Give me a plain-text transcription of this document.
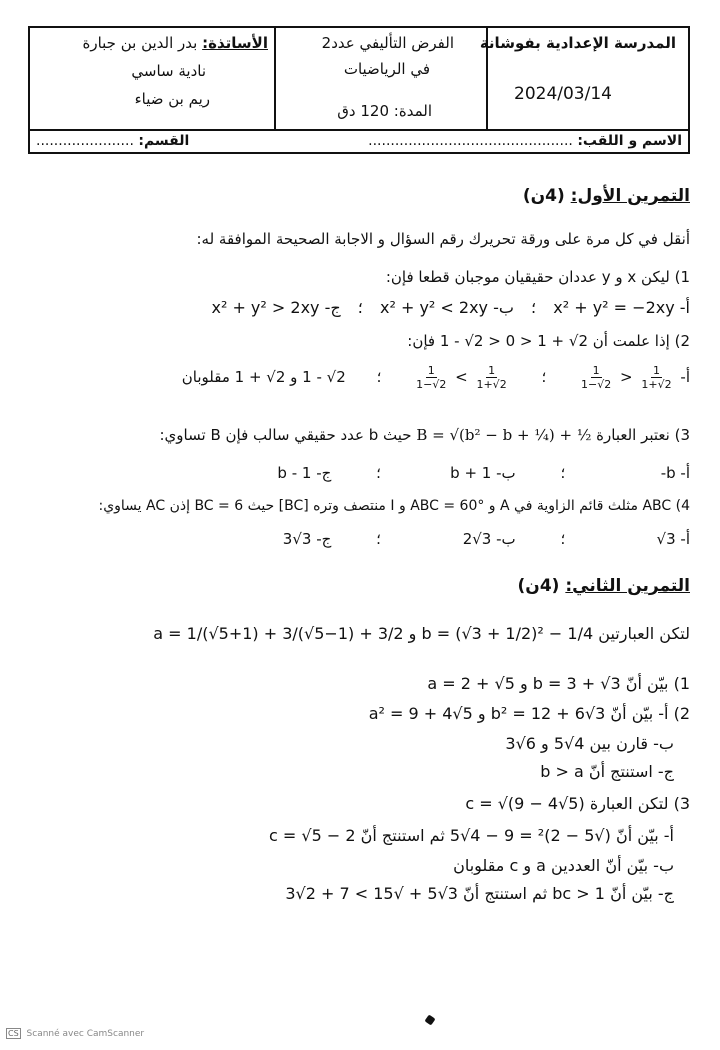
المدرسة الإعدادية بفوشانة
2024/03/14
الفرض التأليفي عدد2
في الرياضيات
المدة: 120 دق
الأساتذة: بدر الدين بن جبارة
نادية ساسي
ريم بن ضياء
الاسم و اللقب: ..............................................
القسم: ......................
التمرين الأول: (4ن)
أنقل في كل مرة على ورقة تحريرك رقم السؤال و الاجابة الصحيحة الموافقة له:
1) ليكن x و y عددان حقيقيان موجبان قطعا فإن:
أ- x² + y² = −2xy ؛ ب- x² + y² < 2xy ؛ ج- x² + y² > 2xy
2) إذا علمت أن 2√ + 1 < 0 < 2√ - 1 فإن:
أ-
$\frac{1}{1-√2} > \frac{1}{1+√2}$
؛
$\frac{1}{1-√2} < \frac{1}{1+√2}$
؛ 2√ - 1 و 2√ + 1 مقلوبان
3) نعتبر العبارة B = √(b² − b + ¼) + ½ حيث b عدد حقيقي سالب فإن B تساوي:
أ- b- ؛ ب- b + 1 ؛ ج- b - 1
4) ABC مثلث قائم الزاوية في A و ABC = 60° و I منتصف وتره [BC] حيث BC = 6 إذن AC يساوي:
أ- 3√ ؛ ب- 3√2 ؛ ج- 3√3
التمرين الثاني: (4ن)
لتكن العبارتين b = (√3 + 1/2)² − 1/4 و a = 1/(√5+1) + 3/(√5−1) + 3/2
1) بيّن أنّ b = 3 + √3 و a = 2 + √5
2) أ- بيّن أنّ b² = 12 + 6√3 و a² = 9 + 4√5
ب- قارن بين 4√5 و 6√3
ج- استنتج أنّ b > a
3) لتكن العبارة c = √(9 − 4√5)
أ- بيّن أنّ (√5 − 2)² = 9 − 4√5 ثم استنتج أنّ c = √5 − 2
ب- بيّن أنّ العددين a و c مقلوبان
ج- بيّن أنّ bc > 1 ثم استنتج أنّ 3√5 + √15 > 7 + 2√3
CS Scanné avec CamScanner
